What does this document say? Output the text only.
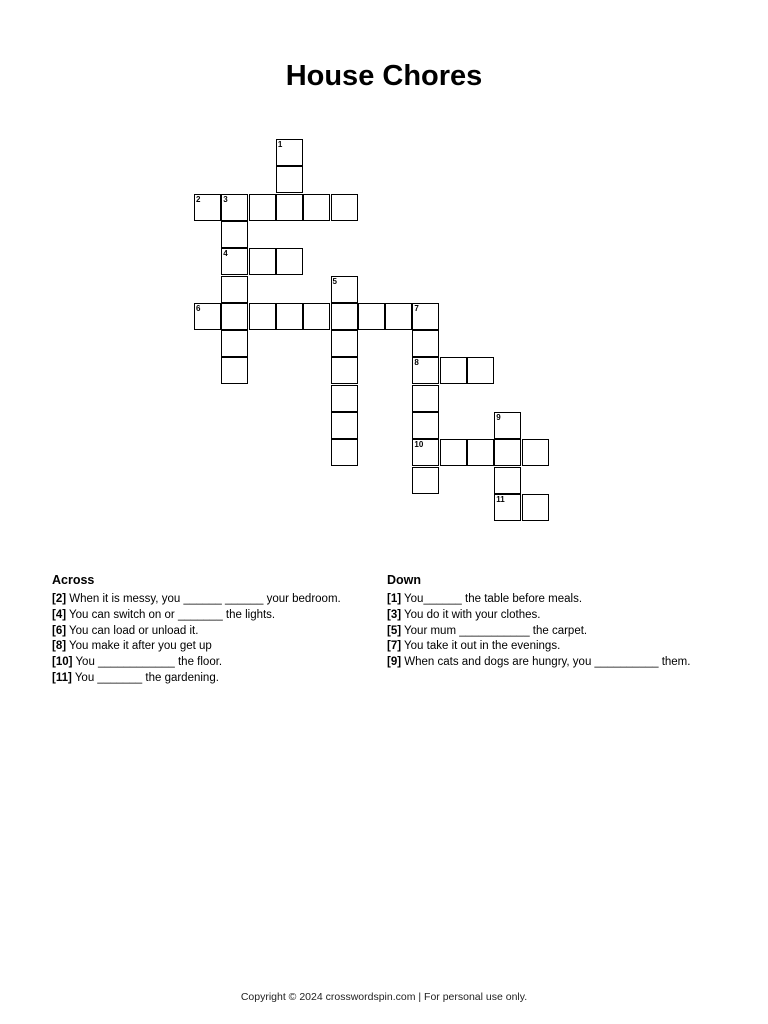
House Chores
1
2	3
4
5
6	7
8
9
10
11
Across
[2] When it is messy, you ______ ______ your bedroom.
[4] You can switch on or _______ the lights.
[6] You can load or unload it.
[8] You make it after you get up
[10] You ____________ the floor.
[11] You _______ the gardening.
Down
[1] You______ the table before meals.
[3] You do it with your clothes.
[5] Your mum ___________ the carpet.
[7] You take it out in the evenings.
[9] When cats and dogs are hungry, you __________ them.
Copyright © 2024 crosswordspin.com | For personal use only.
